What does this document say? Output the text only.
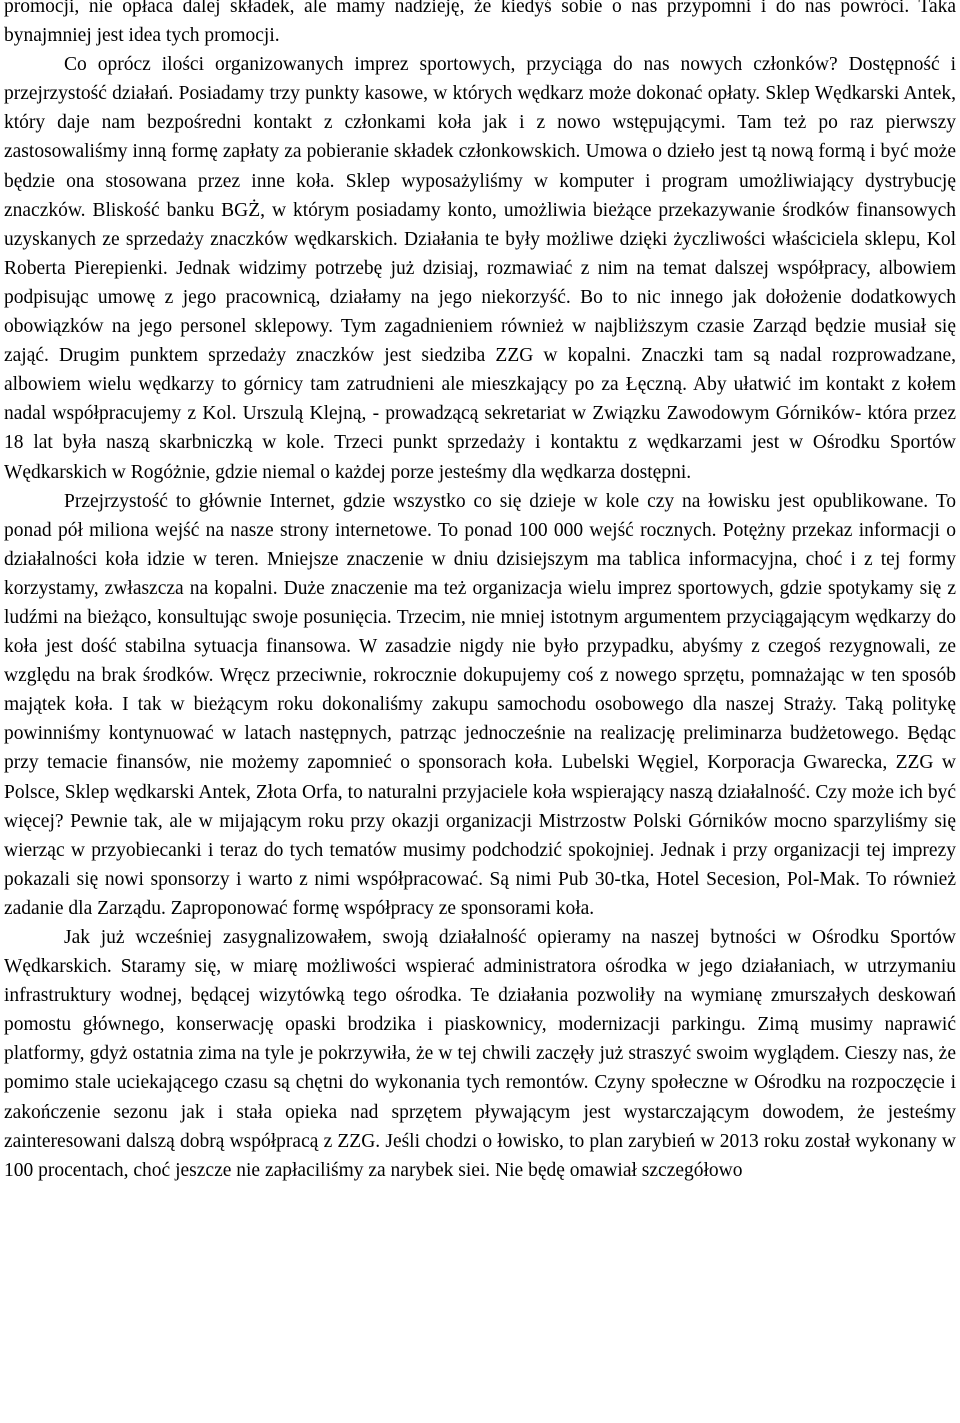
promocji, nie opłaca dalej składek, ale mamy nadzieję, że kiedyś sobie o nas przypomni i do nas powróci. Taka bynajmniej jest idea tych promocji.

Co oprócz ilości organizowanych imprez sportowych, przyciąga do nas nowych członków? Dostępność i przejrzystość działań. Posiadamy trzy punkty kasowe, w których wędkarz może dokonać opłaty. Sklep Wędkarski Antek, który daje nam bezpośredni kontakt z członkami koła jak i z nowo wstępującymi. Tam też po raz pierwszy zastosowaliśmy inną formę zapłaty za pobieranie składek członkowskich. Umowa o dzieło jest tą nową formą i być może będzie ona stosowana przez inne koła. Sklep wyposażyliśmy w komputer i program umożliwiający dystrybucję znaczków. Bliskość banku BGŻ, w którym posiadamy konto, umożliwia bieżące przekazywanie środków finansowych uzyskanych ze sprzedaży znaczków wędkarskich. Działania te były możliwe dzięki życzliwości właściciela sklepu, Kol Roberta Pierepienki. Jednak widzimy potrzebę już dzisiaj, rozmawiać z nim na temat dalszej współpracy, albowiem podpisując umowę z jego pracownicą, działamy na jego niekorzyść. Bo to nic innego jak dołożenie dodatkowych obowiązków na jego personel sklepowy. Tym zagadnieniem również w najbliższym czasie Zarząd będzie musiał się zająć. Drugim punktem sprzedaży znaczków jest siedziba ZZG w kopalni. Znaczki tam są nadal rozprowadzane, albowiem wielu wędkarzy to górnicy tam zatrudnieni ale mieszkający po za Łęczną. Aby ułatwić im kontakt z kołem nadal współpracujemy z Kol. Urszulą Klejną, - prowadzącą sekretariat w Związku Zawodowym Górników- która przez 18 lat była naszą skarbniczką w kole. Trzeci punkt sprzedaży i kontaktu z wędkarzami jest w Ośrodku Sportów Wędkarskich w Rogóżnie, gdzie niemal o każdej porze jesteśmy dla wędkarza dostępni.

Przejrzystość to głównie Internet, gdzie wszystko co się dzieje w kole czy na łowisku jest opublikowane. To ponad pół miliona wejść na nasze strony internetowe. To ponad 100 000 wejść rocznych. Potężny przekaz informacji o działalności koła idzie w teren. Mniejsze znaczenie w dniu dzisiejszym ma tablica informacyjna, choć i z tej formy korzystamy, zwłaszcza na kopalni. Duże znaczenie ma też organizacja wielu imprez sportowych, gdzie spotykamy się z ludźmi na bieżąco, konsultując swoje posunięcia. Trzecim, nie mniej istotnym argumentem przyciągającym wędkarzy do koła jest dość stabilna sytuacja finansowa. W zasadzie nigdy nie było przypadku, abyśmy z czegoś rezygnowali, ze względu na brak środków. Wręcz przeciwnie, rokrocznie dokupujemy coś z nowego sprzętu, pomnażając w ten sposób majątek koła. I tak w bieżącym roku dokonaliśmy zakupu samochodu osobowego dla naszej Straży. Taką politykę powinniśmy kontynuować w latach następnych, patrząc jednocześnie na realizację preliminarza budżetowego. Będąc przy temacie finansów, nie możemy zapomnieć o sponsorach koła. Lubelski Węgiel, Korporacja Gwarecka, ZZG w Polsce, Sklep wędkarski Antek, Złota Orfa, to naturalni przyjaciele koła wspierający naszą działalność. Czy może ich być więcej? Pewnie tak, ale w mijającym roku przy okazji organizacji Mistrzostw Polski Górników mocno sparzyliśmy się wierząc w przyobiecanki i teraz do tych tematów musimy podchodzić spokojniej. Jednak i przy organizacji tej imprezy pokazali się nowi sponsorzy i warto z nimi współpracować. Są nimi Pub 30-tka, Hotel Secesion, Pol-Mak. To również zadanie dla Zarządu. Zaproponować formę współpracy ze sponsorami koła.

Jak już wcześniej zasygnalizowałem, swoją działalność opieramy na naszej bytności w Ośrodku Sportów Wędkarskich. Staramy się, w miarę możliwości wspierać administratora ośrodka w jego działaniach, w utrzymaniu infrastruktury wodnej, będącej wizytówką tego ośrodka. Te działania pozwoliły na wymianę zmurszałych deskowań pomostu głównego, konserwację opaski brodzika i piaskownicy, modernizacji parkingu. Zimą musimy naprawić platformy, gdyż ostatnia zima na tyle je pokrzywiła, że w tej chwili zaczęły już straszyć swoim wyglądem. Cieszy nas, że pomimo stale uciekającego czasu są chętni do wykonania tych remontów. Czyny społeczne w Ośrodku na rozpoczęcie i zakończenie sezonu jak i stała opieka nad sprzętem pływającym jest wystarczającym dowodem, że jesteśmy zainteresowani dalszą dobrą współpracą z ZZG. Jeśli chodzi o łowisko, to plan zarybień w 2013 roku został wykonany w 100 procentach, choć jeszcze nie zapłaciliśmy za narybek siei. Nie będę omawiał szczegółowo
